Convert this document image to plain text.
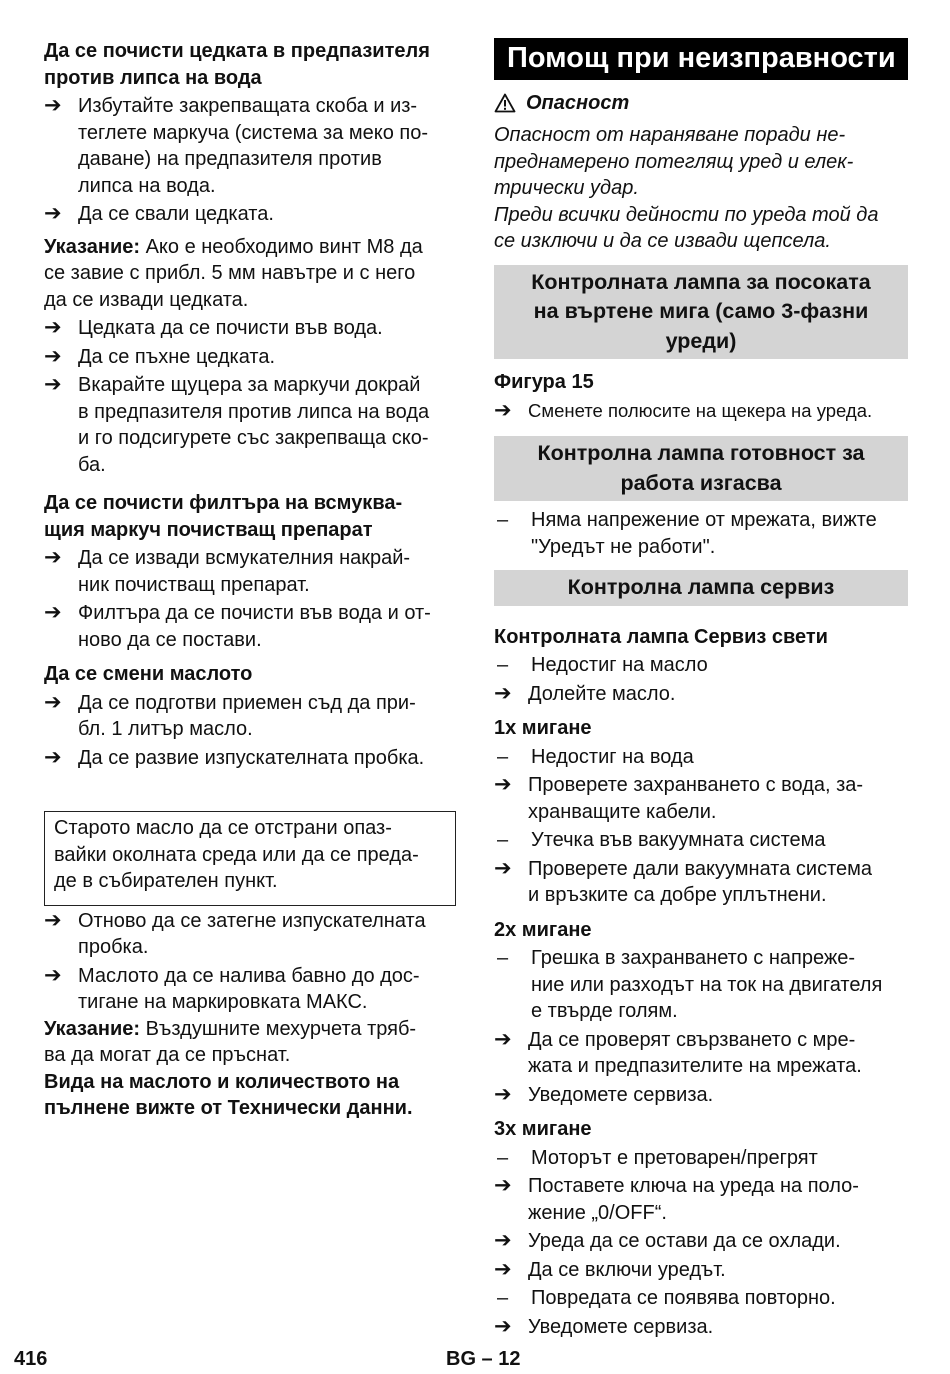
Да се почисти цедката в предпазителя
против липса на вода
➔ Избутайте закрепващата скоба и из-
теглете маркуча (система за меко по-
даване) на предпазителя против
липса на вода.
➔ Да се свали цедката.
Указание: Ако е необходимо винт М8 да
се завие с прибл. 5 мм навътре и с него
да се извади цедката.
➔ Цедката да се почисти във вода.
➔ Да се пъхне цедката.
➔ Вкарайте щуцера за маркучи докрай
в предпазителя против липса на вода
и го подсигурете със закрепваща ско-
ба.
Да се почисти филтъра на всмуква-
щия маркуч почистващ препарат
➔ Да се извади всмукателния накрай-
ник почистващ препарат.
➔ Филтъра да се почисти във вода и от-
ново да се постави.
Да се смени маслото
➔ Да се подготви приемен съд да при-
бл. 1 литър масло.
➔ Да се развие изпускателната пробка.
Старото масло да се отстрани опаз-
вайки околната среда или да се преда-
де в събирателен пункт.
➔ Отново да се затегне изпускателната
пробка.
➔ Маслото да се налива бавно до дос-
тигане на маркировката МАКС.
Указание: Въздушните мехурчета тряб-
ва да могат да се пръснат.
Вида на маслото и количеството на
пълнене вижте от Технически данни.
Помощ при неизправности
Опасност
Опасност от нараняване поради не-
преднамерено потеглящ уред и елек-
трически удар.
Преди всички дейности по уреда той да
се изключи и да се извади щепсела.
Контролната лампа за посоката
на въртене мига (само 3-фазни
уреди)
Фигура 15
➔ Сменете полюсите на щекера на уреда.
Контролна лампа готовност за
работа изгасва
–	Няма напрежение от мрежата, вижте
"Уредът не работи".
Контролна лампа сервиз
Контролната лампа Сервиз свети
–	Недостиг на масло
➔ Долейте масло.
1х мигане
–	Недостиг на вода
➔ Проверете захранването с вода, за-
хранващите кабели.
–	Утечка във вакуумната система
➔ Проверете дали вакуумната система
и връзките са добре уплътнени.
2х мигане
–	Грешка в захранването с напреже-
ние или разходът на ток на двигателя
е твърде голям.
➔ Да се проверят свързването с мре-
жата и предпазителите на мрежата.
➔ Уведомете сервиза.
3х мигане
–	Моторът е претоварен/прегрят
➔ Поставете ключа на уреда на поло-
жение „0/OFF“.
➔ Уреда да се остави да се охлади.
➔ Да се включи уредът.
–	Повредата се появява повторно.
➔ Уведомете сервиза.
416	BG – 12
